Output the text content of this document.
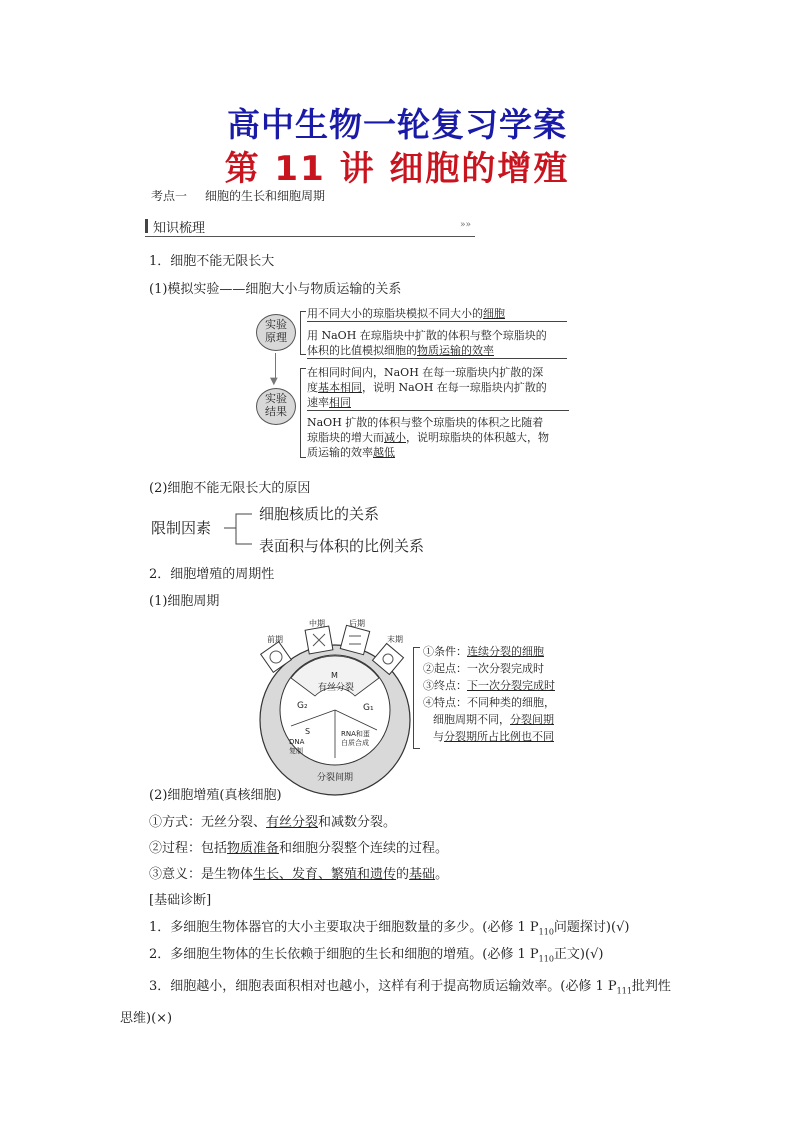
高中生物一轮复习学案
第 11 讲 细胞的增殖
考点一 细胞的生长和细胞周期
知识梳理	»»
1．细胞不能无限长大
(1)模拟实验——细胞大小与物质运输的关系
实验原理
▼
实验结果
用不同大小的琼脂块模拟不同大小的细胞
用 NaOH 在琼脂块中扩散的体积与整个琼脂块的
体积的比值模拟细胞的物质运输的效率
在相同时间内，NaOH 在每一琼脂块内扩散的深
度基本相同，说明 NaOH 在每一琼脂块内扩散的
速率相同
NaOH 扩散的体积与整个琼脂块的体积之比随着
琼脂块的增大而减小，说明琼脂块的体积越大，物
质运输的效率越低
(2)细胞不能无限长大的原因
限制因素
细胞核质比的关系
表面积与体积的比例关系
2．细胞增殖的周期性
(1)细胞周期
前期
中期	后期
末期
M
有丝分裂
G₂	G₁
S
DNA
复制
RNA和蛋
白质合成
分裂间期
①条件：连续分裂的细胞
②起点：一次分裂完成时
③终点：下一次分裂完成时
④特点：不同种类的细胞，
细胞周期不同，分裂间期
与分裂期所占比例也不同
(2)细胞增殖(真核细胞)
①方式：无丝分裂、有丝分裂和减数分裂。
②过程：包括物质准备和细胞分裂整个连续的过程。
③意义：是生物体生长、发育、繁殖和遗传的基础。
[基础诊断]
1．多细胞生物体器官的大小主要取决于细胞数量的多少。(必修 1 $P_{110}$问题探讨)(√)
2．多细胞生物体的生长依赖于细胞的生长和细胞的增殖。(必修 1 $P_{110}$正文)(√)
3．细胞越小，细胞表面积相对也越小，这样有利于提高物质运输效率。(必修 1 $P_{111}$批判性思维)(×)
